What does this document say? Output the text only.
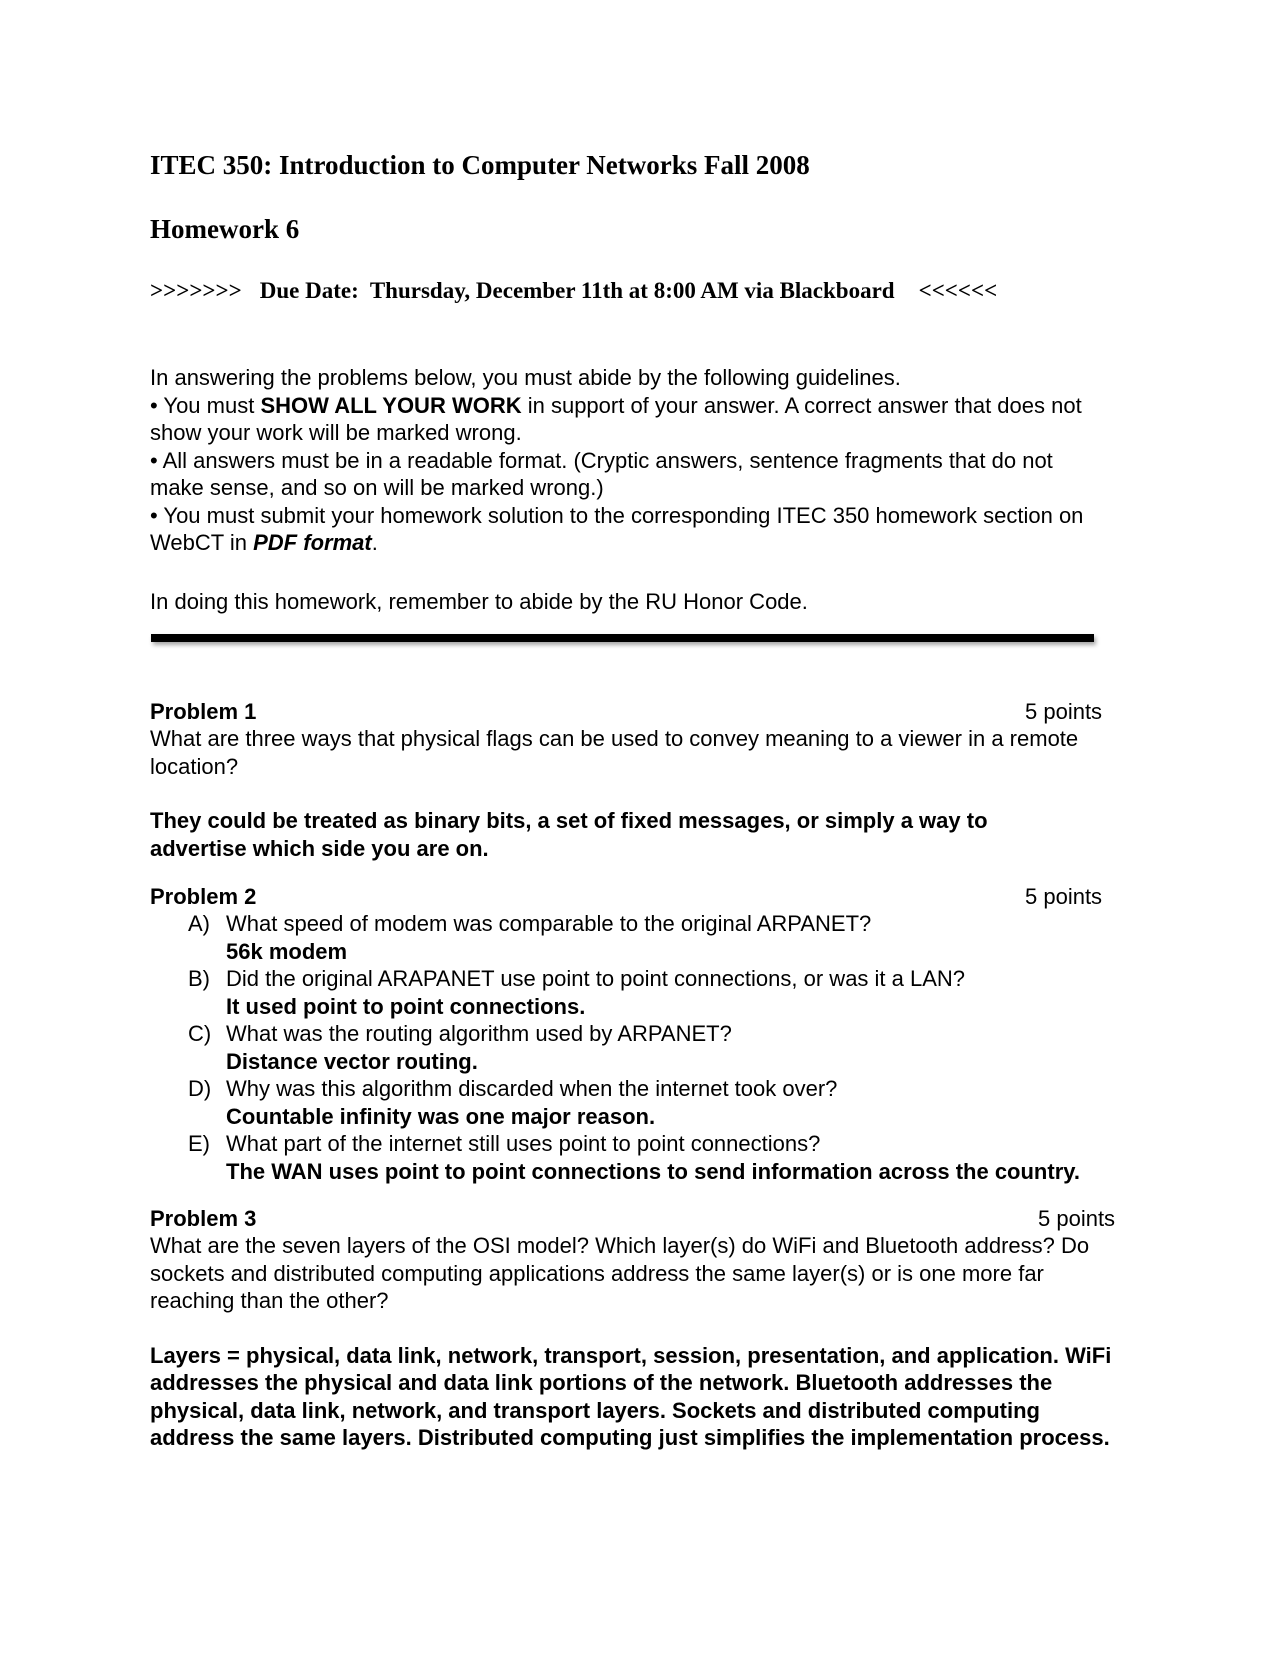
ITEC 350: Introduction to Computer Networks Fall 2008
Homework 6
>>>>>>> Due Date:  Thursday, December 11th at 8:00 AM via Blackboard <<<<<<
In answering the problems below, you must abide by the following guidelines.
• You must SHOW ALL YOUR WORK in support of your answer. A correct answer that does not show your work will be marked wrong.
• All answers must be in a readable format. (Cryptic answers, sentence fragments that do not make sense, and so on will be marked wrong.)
• You must submit your homework solution to the corresponding ITEC 350 homework section on WebCT in PDF format.
In doing this homework, remember to abide by the RU Honor Code.
Problem 1	5 points
What are three ways that physical flags can be used to convey meaning to a viewer in a remote location?
They could be treated as binary bits, a set of fixed messages, or simply a way to advertise which side you are on.
Problem 2	5 points
A) What speed of modem was comparable to the original ARPANET?
56k modem
B) Did the original ARAPANET use point to point connections, or was it a LAN?
It used point to point connections.
C) What was the routing algorithm used by ARPANET?
Distance vector routing.
D) Why was this algorithm discarded when the internet took over?
Countable infinity was one major reason.
E) What part of the internet still uses point to point connections?
The WAN uses point to point connections to send information across the country.
Problem 3	5 points
What are the seven layers of the OSI model? Which layer(s) do WiFi and Bluetooth address? Do sockets and distributed computing applications address the same layer(s) or is one more far reaching than the other?
Layers = physical, data link, network, transport, session, presentation, and application. WiFi addresses the physical and data link portions of the network. Bluetooth addresses the physical, data link, network, and transport layers. Sockets and distributed computing address the same layers. Distributed computing just simplifies the implementation process.
